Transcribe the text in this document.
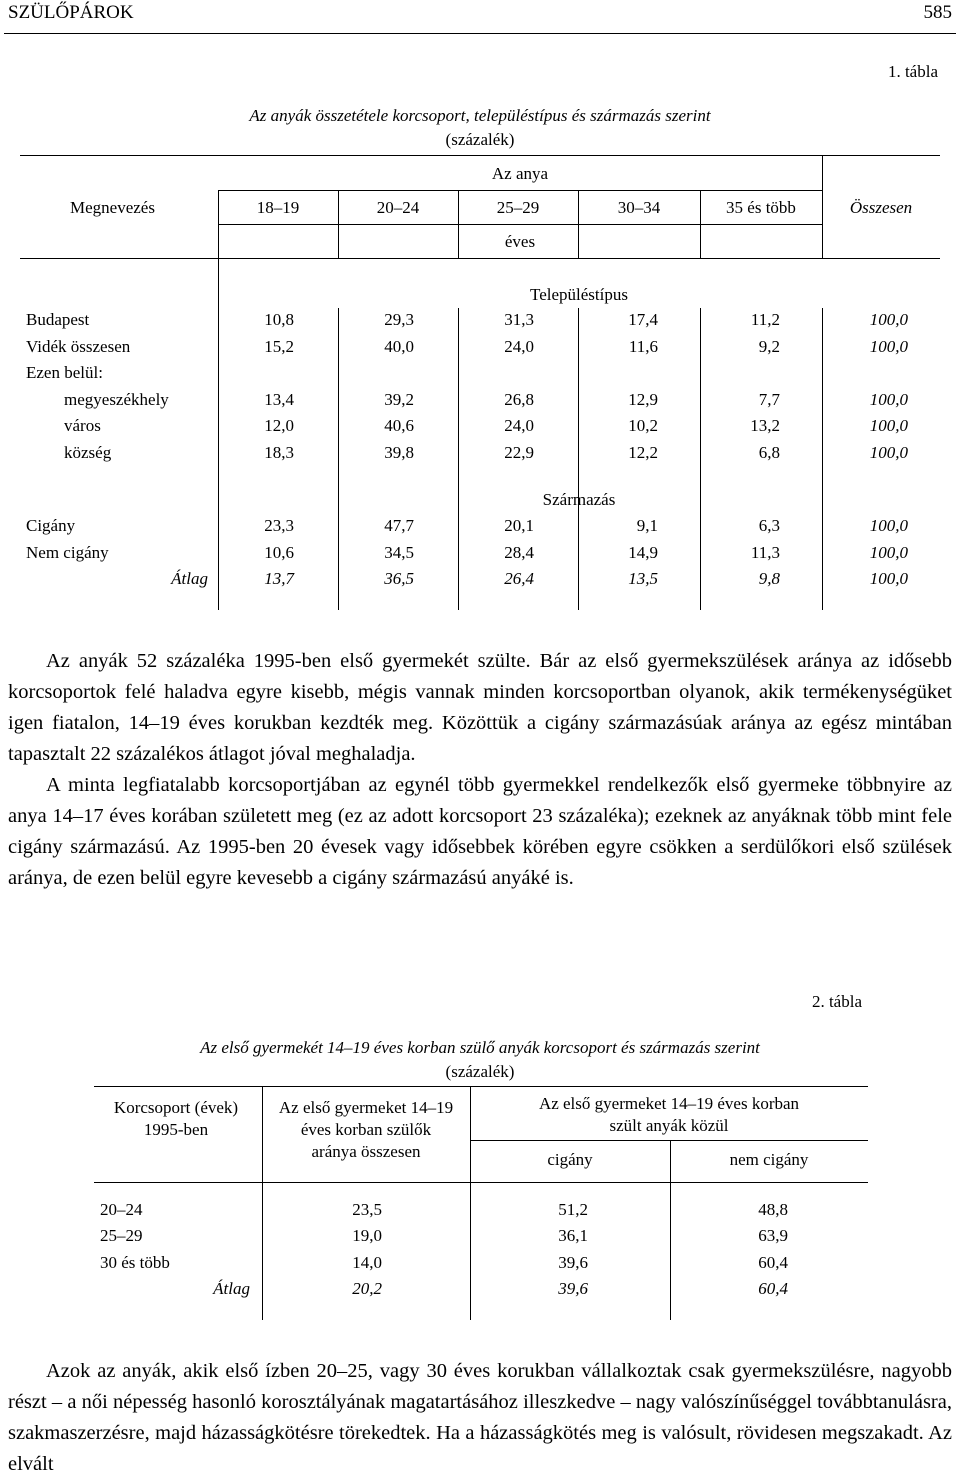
SZÜLŐPÁROK	585
1. tábla
Az anyák összetétele korcsoport, településtípus és származás szerint
(százalék)
Az anya
Megnevezés	18–19	20–24	25–29	30–34	35 és több	Összesen
éves
Településtípus
Budapest	10,8	29,3	31,3	17,4	11,2	100,0
Vidék összesen	15,2	40,0	24,0	11,6	9,2	100,0
Ezen belül:
megyeszékhely	13,4	39,2	26,8	12,9	7,7	100,0
város	12,0	40,6	24,0	10,2	13,2	100,0
község	18,3	39,8	22,9	12,2	6,8	100,0
Származás
Cigány	23,3	47,7	20,1	9,1	6,3	100,0
Nem cigány	10,6	34,5	28,4	14,9	11,3	100,0
Átlag	13,7	36,5	26,4	13,5	9,8	100,0

Az anyák 52 százaléka 1995-ben első gyermekét szülte. Bár az első gyermekszülések aránya az idősebb korcsoportok felé haladva egyre kisebb, mégis vannak minden korcsoportban olyanok, akik termékenységüket igen fiatalon, 14–19 éves korukban kezdték meg. Közöttük a cigány származásúak aránya az egész mintában tapasztalt 22 százalékos átlagot jóval meghaladja.

A minta legfiatalabb korcsoportjában az egynél több gyermekkel rendelkezők első gyermeke többnyire az anya 14–17 éves korában született meg (ez az adott korcsoport 23 százaléka); ezeknek az anyáknak több mint fele cigány származású. Az 1995-ben 20 évesek vagy idősebbek körében egyre csökken a serdülőkori első szülések aránya, de ezen belül egyre kevesebb a cigány származású anyáké is.

2. tábla
Az első gyermekét 14–19 éves korban szülő anyák korcsoport és származás szerint
(százalék)
Korcsoport (évek)
1995-ben
Az első gyermeket 14–19
éves korban szülők
aránya összesen
Az első gyermeket 14–19 éves korban
szült anyák közül
cigány	nem cigány
20–24	23,5	51,2	48,8
25–29	19,0	36,1	63,9
30 és több	14,0	39,6	60,4
Átlag	20,2	39,6	60,4

Azok az anyák, akik első ízben 20–25, vagy 30 éves korukban vállalkoztak csak gyermekszülésre, nagyobb részt – a női népesség hasonló korosztályának magatartásához illeszkedve – nagy valószínűséggel továbbtanulásra, szakmaszerzésre, majd házasságkötésre törekedtek. Ha a házasságkötés meg is valósult, rövidesen megszakadt. Az elvált
